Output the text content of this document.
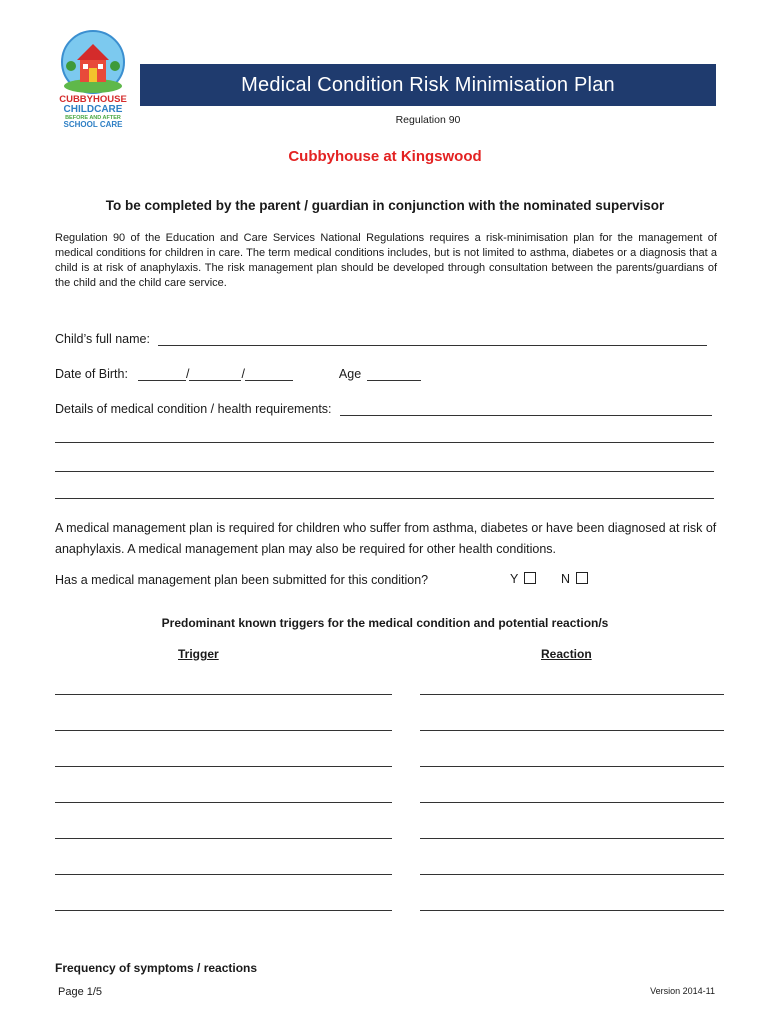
CUBBYHOUSE
CHILDCARE
BEFORE AND AFTER
SCHOOL CARE
Medical Condition Risk Minimisation Plan
Regulation 90
Cubbyhouse at Kingswood
To be completed by the parent / guardian in conjunction with the nominated supervisor
Regulation 90 of the Education and Care Services National Regulations requires a risk-minimisation plan for the management of medical conditions for children in care. The term medical conditions includes, but is not limited to asthma, diabetes or a diagnosis that a child is at risk of anaphylaxis. The risk management plan should be developed through consultation between the parents/guardians of the child and the child care service.
Child’s full name:
Date of Birth:	/	/	Age
Details of medical condition / health requirements:
A medical management plan is required for children who suffer from asthma, diabetes or have been diagnosed at risk of anaphylaxis. A medical management plan may also be required for other health conditions.
Has a medical management plan been submitted for this condition?	Y	N
Predominant known triggers for the medical condition and potential reaction/s
Trigger	Reaction
Frequency of symptoms / reactions
Page 1/5	Version 2014-11
